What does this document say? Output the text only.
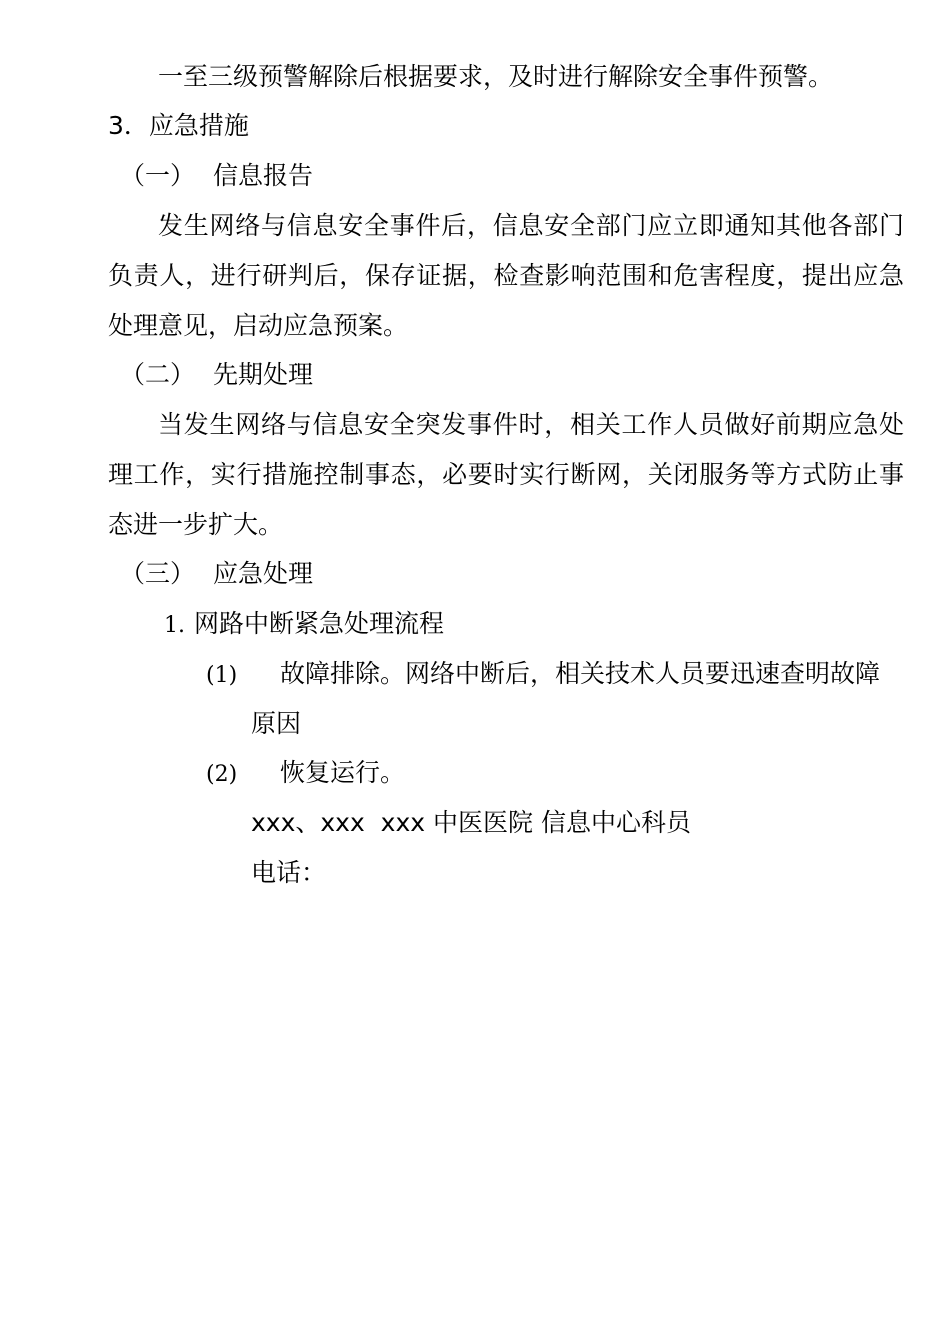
一至三级预警解除后根据要求，及时进行解除安全事件预警。
3．应急措施
（一） 信息报告
发生网络与信息安全事件后，信息安全部门应立即通知其他各部门负责人，进行研判后，保存证据，检查影响范围和危害程度，提出应急处理意见，启动应急预案。
（二） 先期处理
当发生网络与信息安全突发事件时，相关工作人员做好前期应急处理工作，实行措施控制事态，必要时实行断网，关闭服务等方式防止事态进一步扩大。
（三） 应急处理
1. 网路中断紧急处理流程
(1) 故障排除。网络中断后，相关技术人员要迅速查明故障
原因
(2) 恢复运行。
xxx、xxx  xxx 中医医院 信息中心科员
电话：
